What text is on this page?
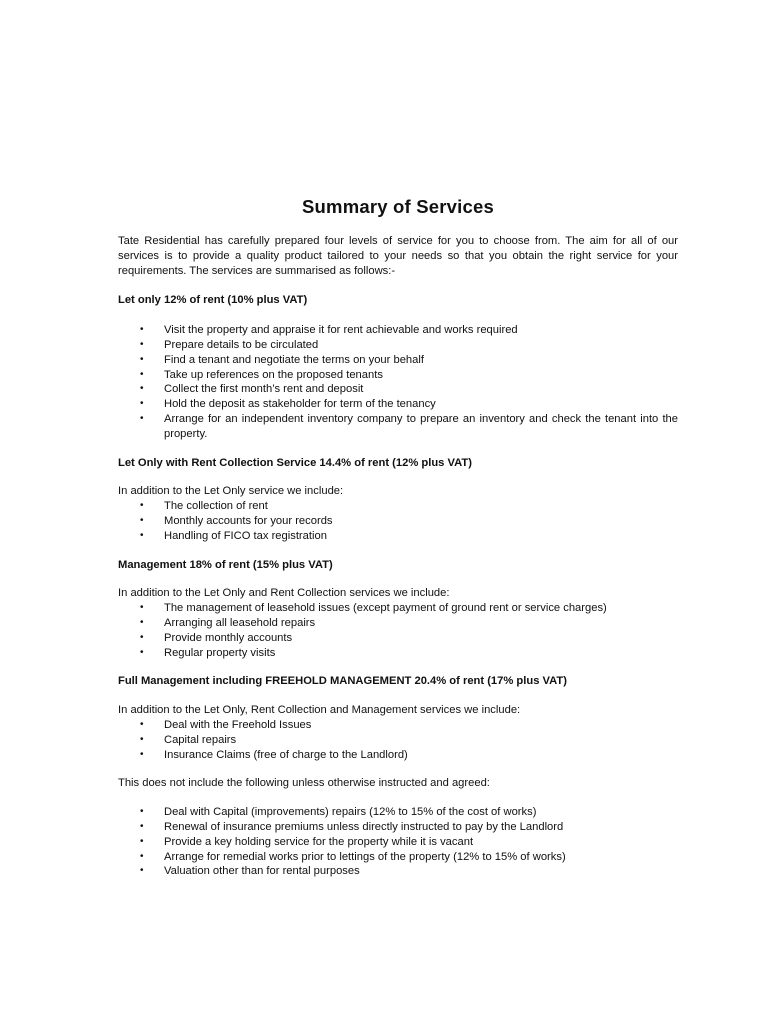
Summary of Services

Tate Residential has carefully prepared four levels of service for you to choose from. The aim for all of our services is to provide a quality product tailored to your needs so that you obtain the right service for your requirements. The services are summarised as follows:-

Let only 12% of rent (10% plus VAT)

• Visit the property and appraise it for rent achievable and works required
• Prepare details to be circulated
• Find a tenant and negotiate the terms on your behalf
• Take up references on the proposed tenants
• Collect the first month’s rent and deposit
• Hold the deposit as stakeholder for term of the tenancy
• Arrange for an independent inventory company to prepare an inventory and check the tenant into the property.

Let Only with Rent Collection Service 14.4% of rent (12% plus VAT)

In addition to the Let Only service we include:

• The collection of rent
• Monthly accounts for your records
• Handling of FICO tax registration

Management 18% of rent (15% plus VAT)

In addition to the Let Only and Rent Collection services we include:

• The management of leasehold issues (except payment of ground rent or service charges)
• Arranging all leasehold repairs
• Provide monthly accounts
• Regular property visits

Full Management including FREEHOLD MANAGEMENT 20.4% of rent (17% plus VAT)

In addition to the Let Only, Rent Collection and Management services we include:

• Deal with the Freehold Issues
• Capital repairs
• Insurance Claims (free of charge to the Landlord)

This does not include the following unless otherwise instructed and agreed:

• Deal with Capital (improvements) repairs (12% to 15% of the cost of works)
• Renewal of insurance premiums unless directly instructed to pay by the Landlord
• Provide a key holding service for the property while it is vacant
• Arrange for remedial works prior to lettings of the property (12% to 15% of works)
• Valuation other than for rental purposes
